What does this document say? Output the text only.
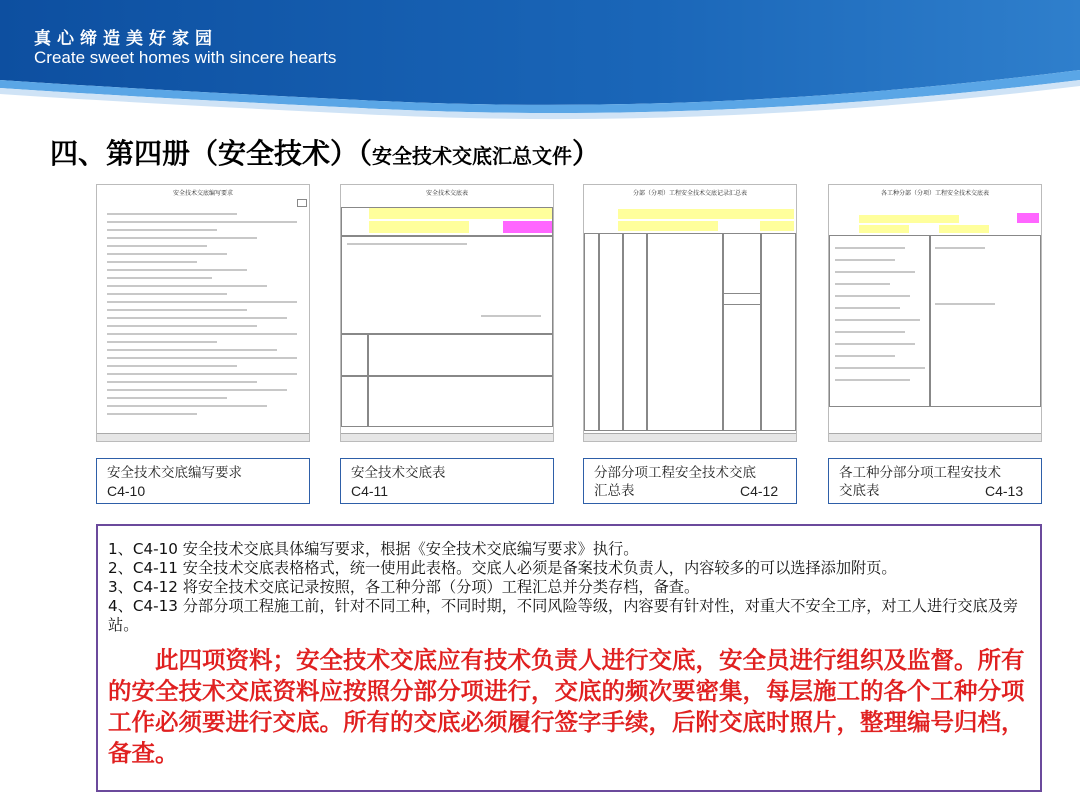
真心缔造美好家园
Create sweet homes with sincere hearts
四、第四册（安全技术）（安全技术交底汇总文件）
安全技术交底编写要求	安全技术交底表	分部（分项）工程安全技术交底记录汇总表	各工种分部（分项）工程安全技术交底表
安全技术交底编写要求
C4-10
安全技术交底表
C4-11
分部分项工程安全技术交底
汇总表	C4-12
各工种分部分项工程安技术
交底表	C4-13
1、C4-10 安全技术交底具体编写要求，根据《安全技术交底编写要求》执行。
2、C4-11 安全技术交底表格格式，统一使用此表格。交底人必须是备案技术负责人，内容较多的可以选择添加附页。
3、C4-12 将安全技术交底记录按照，各工种分部（分项）工程汇总并分类存档，备查。
4、C4-13 分部分项工程施工前，针对不同工种，不同时期，不同风险等级，内容要有针对性，对重大不安全工序，对工人进行交底及旁站。
此四项资料；安全技术交底应有技术负责人进行交底，安全员进行组织及监督。所有的安全技术交底资料应按照分部分项进行，交底的频次要密集，每层施工的各个工种分项工作必须要进行交底。所有的交底必须履行签字手续，后附交底时照片，整理编号归档，备查。
